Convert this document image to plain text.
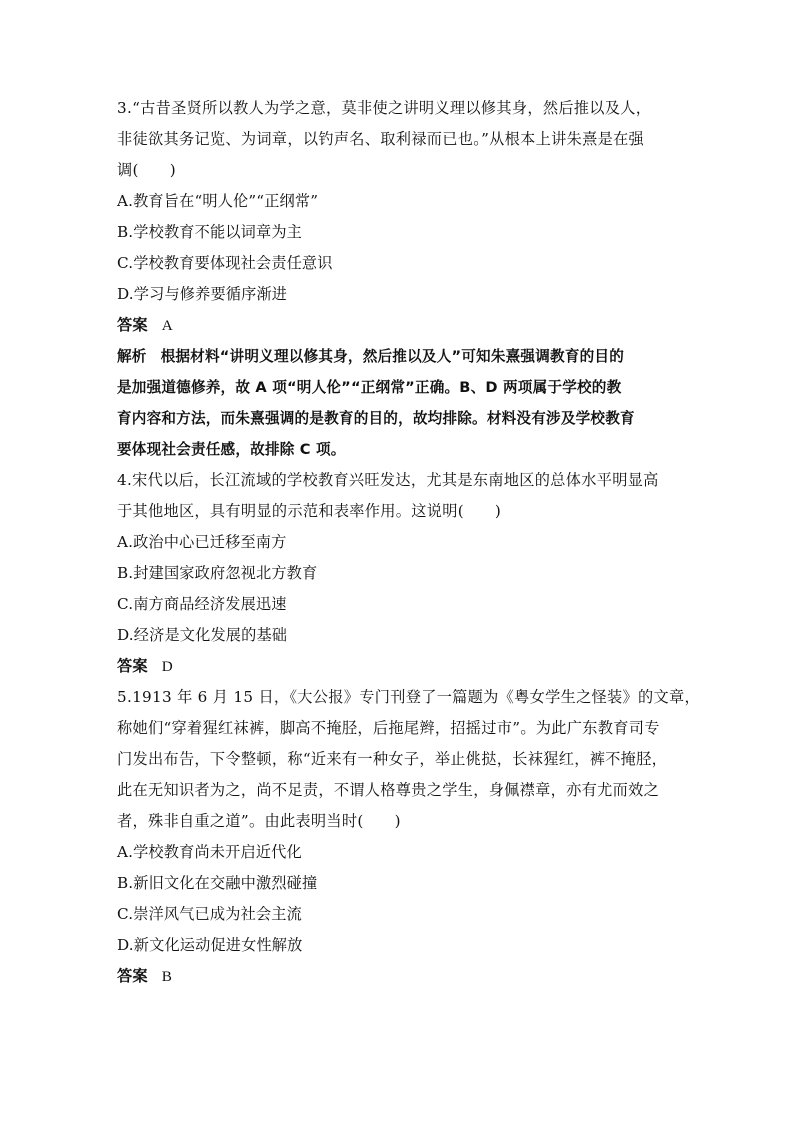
3.“古昔圣贤所以教人为学之意，莫非使之讲明义理以修其身，然后推以及人，
非徒欲其务记览、为词章，以钓声名、取利禄而已也。”从根本上讲朱熹是在强
调(　　)
A.教育旨在“明人伦”“正纲常”
B.学校教育不能以词章为主
C.学校教育要体现社会责任意识
D.学习与修养要循序渐进
答案 A
解析 根据材料“讲明义理以修其身，然后推以及人”可知朱熹强调教育的目的
是加强道德修养，故 A 项“明人伦”“正纲常”正确。B、D 两项属于学校的教
育内容和方法，而朱熹强调的是教育的目的，故均排除。材料没有涉及学校教育
要体现社会责任感，故排除 C 项。
4.宋代以后，长江流域的学校教育兴旺发达，尤其是东南地区的总体水平明显高
于其他地区，具有明显的示范和表率作用。这说明(　　)
A.政治中心已迁移至南方
B.封建国家政府忽视北方教育
C.南方商品经济发展迅速
D.经济是文化发展的基础
答案 D
5.1913 年 6 月 15 日，《大公报》专门刊登了一篇题为《粤女学生之怪装》的文章，
称她们“穿着猩红袜裤，脚高不掩胫，后拖尾辫，招摇过市”。为此广东教育司专
门发出布告，下令整顿，称“近来有一种女子，举止佻挞，长袜猩红，裤不掩胫，
此在无知识者为之，尚不足责，不谓人格尊贵之学生，身佩襟章，亦有尤而效之
者，殊非自重之道”。由此表明当时(　　)
A.学校教育尚未开启近代化
B.新旧文化在交融中激烈碰撞
C.崇洋风气已成为社会主流
D.新文化运动促进女性解放
答案 B
